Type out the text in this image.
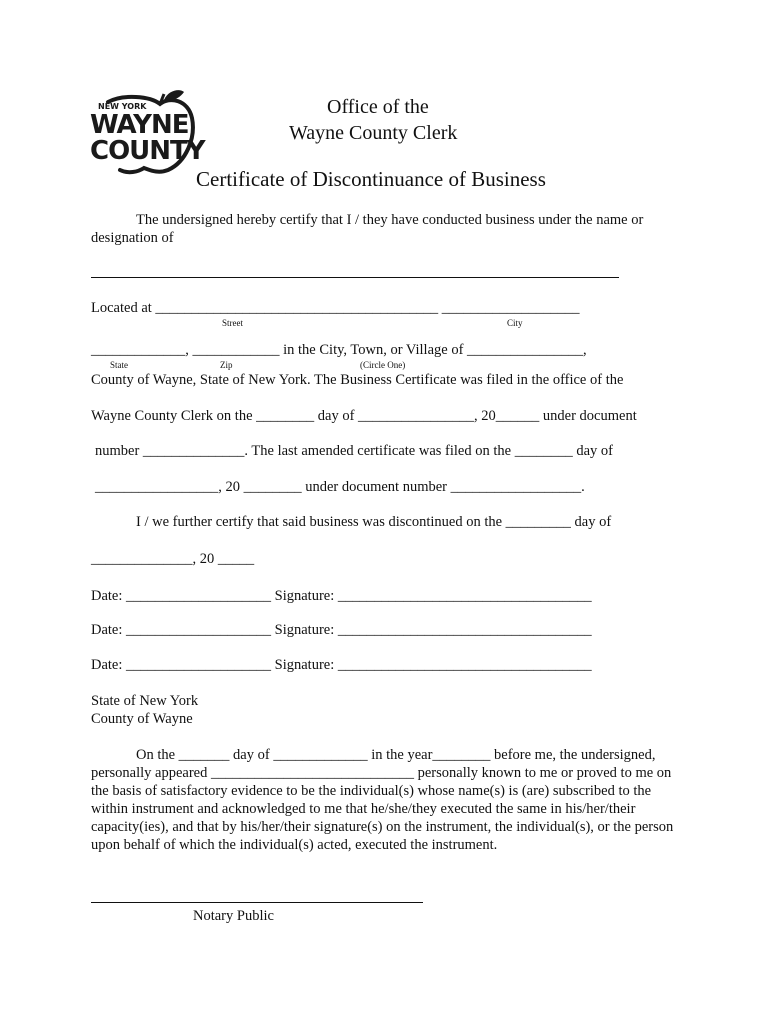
NEW YORK
WAYNE
COUNTY
Office of the
Wayne County Clerk
Certificate of Discontinuance of Business
The undersigned hereby certify that I / they have conducted business under the name or
designation of
Located at _______________________________________ ___________________
Street	City
_____________, ____________ in the City, Town, or Village of ________________,
State	Zip	(Circle One)
County of Wayne, State of New York. The Business Certificate was filed in the office of the
Wayne County Clerk on the ________ day of ________________, 20______ under document
number ______________. The last amended certificate was filed on the ________ day of
_________________, 20 ________ under document number __________________.
I / we further certify that said business was discontinued on the _________ day of
______________, 20 _____
Date: ____________________ Signature: ___________________________________
Date: ____________________ Signature: ___________________________________
Date: ____________________ Signature: ___________________________________
State of New York
County of Wayne
On the _______ day of _____________ in the year________ before me, the undersigned, personally appeared ____________________________ personally known to me or proved to me on the basis of satisfactory evidence to be the individual(s) whose name(s) is (are) subscribed to the within instrument and acknowledged to me that he/she/they executed the same in his/her/their capacity(ies), and that by his/her/their signature(s) on the instrument, the individual(s), or the person upon behalf of which the individual(s) acted, executed the instrument.
Notary Public
